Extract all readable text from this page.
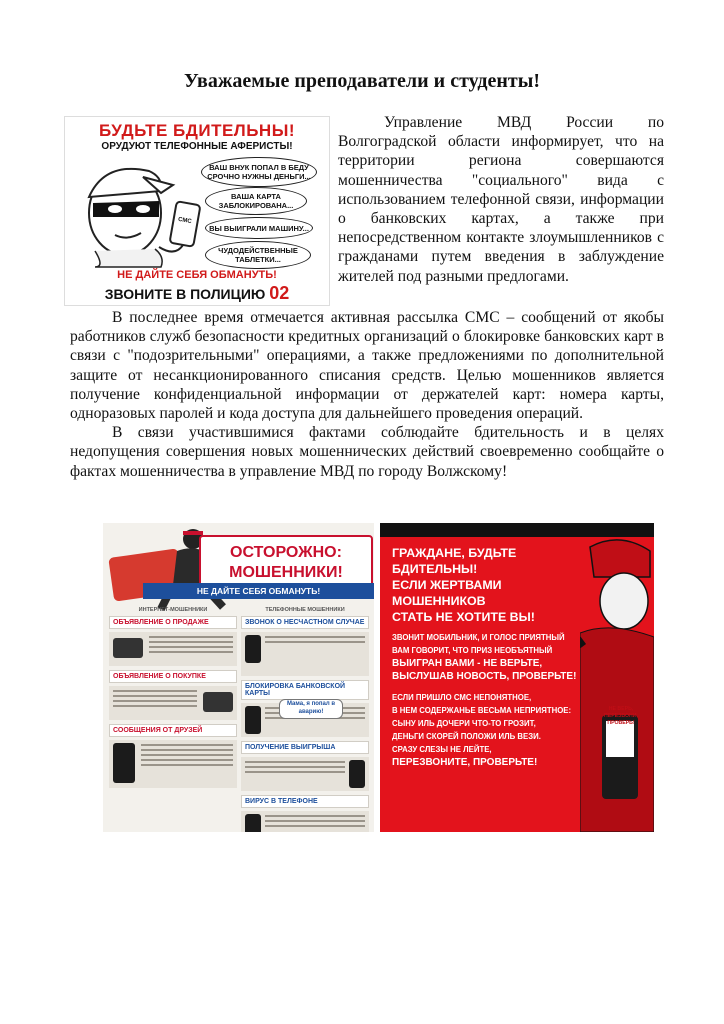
Уважаемые преподаватели и студенты!
БУДЬТЕ БДИТЕЛЬНЫ!
ОРУДУЮТ ТЕЛЕФОННЫЕ АФЕРИСТЫ!
СМС
ВАШ ВНУК ПОПАЛ В БЕДУ СРОЧНО НУЖНЫ ДЕНЬГИ...
ВАША КАРТА ЗАБЛОКИРОВАНА...
ВЫ ВЫИГРАЛИ МАШИНУ...
ЧУДОДЕЙСТВЕННЫЕ ТАБЛЕТКИ...
НЕ ДАЙТЕ СЕБЯ ОБМАНУТЬ!
ЗВОНИТЕ В ПОЛИЦИЮ 02
Управление МВД России по Волгоградской области информирует, что на территории региона совершаются мошенничества "социального" вида с использованием телефонной связи, информации о банковских картах, а также при непосредственном контакте злоумышленников с гражданами путем введения в заблуждение жителей под разными предлогами.

В последнее время отмечается активная рассылка СМС – сообщений от якобы работников служб безопасности кредитных организаций о блокировке банковских карт в связи с "подозрительными" операциями, а также предложениями по дополнительной защите от несанкционированного списания средств. Целью мошенников является получение конфиденциальной информации от держателей карт: номера карты, одноразовых паролей и кода доступа для дальнейшего проведения операций.

В связи участившимися фактами соблюдайте бдительность и в целях недопущения совершения новых мошеннических действий своевременно сообщайте о фактах мошенничества в управление МВД по городу Волжскому!

ОСТОРОЖНО:
МОШЕННИКИ!
НЕ ДАЙТЕ СЕБЯ ОБМАНУТЬ!
ИНТЕРНЕТ-МОШЕННИКИ
ОБЪЯВЛЕНИЕ О ПРОДАЖЕ
ОБЪЯВЛЕНИЕ О ПОКУПКЕ
СООБЩЕНИЯ ОТ ДРУЗЕЙ
ТЕЛЕФОННЫЕ МОШЕННИКИ
ЗВОНОК О НЕСЧАСТНОМ СЛУЧАЕ
БЛОКИРОВКА БАНКОВСКОЙ КАРТЫ
ПОЛУЧЕНИЕ ВЫИГРЫША
ВИРУС В ТЕЛЕФОНЕ
Мама, я попал в аварию!
ГРАЖДАНЕ, БУДЬТЕ БДИТЕЛЬНЫ!
ЕСЛИ ЖЕРТВАМИ МОШЕННИКОВ
СТАТЬ НЕ ХОТИТЕ ВЫ!
ЗВОНИТ МОБИЛЬНИК, И ГОЛОС ПРИЯТНЫЙ
ВАМ ГОВОРИТ, ЧТО ПРИЗ НЕОБЪЯТНЫЙ
ВЫИГРАН ВАМИ - НЕ ВЕРЬТЕ,
ВЫСЛУШАВ НОВОСТЬ, ПРОВЕРЬТЕ!
ЕСЛИ ПРИШЛО СМС НЕПОНЯТНОЕ,
В НЕМ СОДЕРЖАНЬЕ ВЕСЬМА НЕПРИЯТНОЕ:
СЫНУ ИЛЬ ДОЧЕРИ ЧТО-ТО ГРОЗИТ,
ДЕНЬГИ СКОРЕЙ ПОЛОЖИ ИЛЬ ВЕЗИ.
СРАЗУ СЛЕЗЫ НЕ ЛЕЙТЕ,
ПЕРЕЗВОНИТЕ, ПРОВЕРЬТЕ!
НЕ ВЕРЬ, ПЕРЕЗВОНИ, ПРОВЕРЬ!
